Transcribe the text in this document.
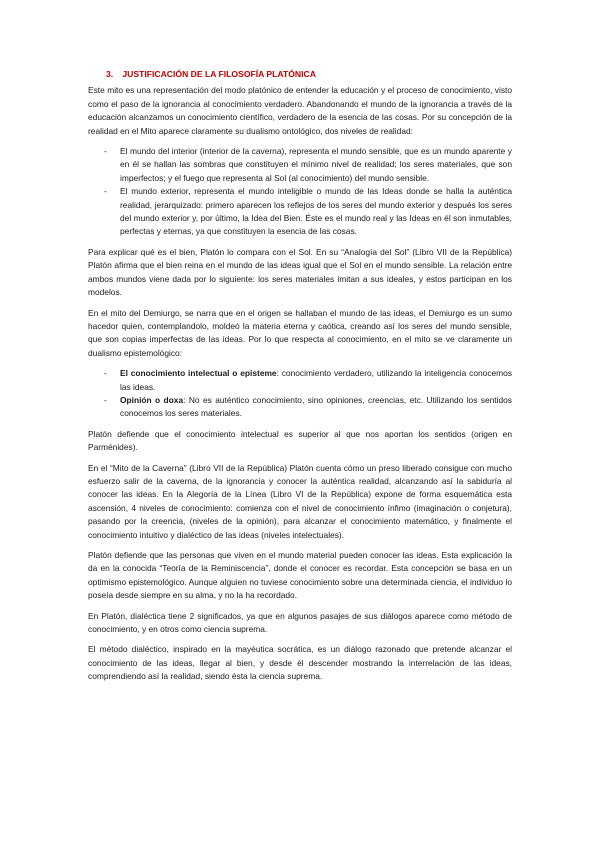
3. JUSTIFICACIÓN DE LA FILOSOFÍA PLATÓNICA

Este mito es una representación del modo platónico de entender la educación y el proceso de conocimiento, visto como el paso de la ignorancia al conocimiento verdadero. Abandonando el mundo de la ignorancia a través de la educación alcanzamos un conocimiento científico, verdadero de la esencia de las cosas. Por su concepción de la realidad en el Mito aparece claramente su dualismo ontológico, dos niveles de realidad:

- El mundo del interior (interior de la caverna), representa el mundo sensible, que es un mundo aparente y en él se hallan las sombras que constituyen el mínimo nivel de realidad; los seres materiales, que son imperfectos; y el fuego que representa al Sol (al conocimiento) del mundo sensible.
- El mundo exterior, representa el mundo inteligible o mundo de las Ideas donde se halla la auténtica realidad, jerarquizado: primero aparecen los reflejos de los seres del mundo exterior y después los seres del mundo exterior y, por último, la Idea del Bien. Éste es el mundo real y las Ideas en él son inmutables, perfectas y eternas, ya que constituyen la esencia de las cosas.

Para explicar qué es el bien, Platón lo compara con el Sol. En su “Analogía del Sol” (Libro VII de la República) Platón afirma que el bien reina en el mundo de las ideas igual que el Sol en el mundo sensible. La relación entre ambos mundos viene dada por lo siguiente: los seres materiales imitan a sus ideales, y estos participan en los modelos.

En el mito del Demiurgo, se narra que en el origen se hallaban el mundo de las ideas, el Demiurgo es un sumo hacedor quien, contemplandolo, moldeó la materia eterna y caótica, creando así los seres del mundo sensible, que son copias imperfectas de las ideas. Por lo que respecta al conocimiento, en el mito se ve claramente un dualismo epistemológico:

- El conocimiento intelectual o episteme: conocimiento verdadero, utilizando la inteligencia conocemos las ideas.
- Opinión o doxa: No es auténtico conocimiento, sino opiniones, creencias, etc. Utilizando los sentidos conocemos los seres materiales.

Platón defiende que el conocimiento intelectual es superior al que nos aportan los sentidos (origen en Parménides).

En el “Mito de la Caverna” (Libro VII de la República) Platón cuenta cómo un preso liberado consigue con mucho esfuerzo salir de la caverna, de la ignorancia y conocer la auténtica realidad, alcanzando así la sabiduría al conocer las ideas. En la Alegoría de la Línea (Libro VI de la República) expone de forma esquemática esta ascensión, 4 niveles de conocimiento: comienza con el nivel de conocimiento ínfimo (imaginación o conjetura), pasando por la creencia, (niveles de la opinión), para alcanzar el conocimiento matemático, y finalmente el conocimiento intuitivo y dialéctico de las ideas (niveles intelectuales).

Platón defiende que las personas que viven en el mundo material pueden conocer las ideas. Esta explicación la da en la conocida “Teoría de la Reminiscencia”, donde el conocer es recordar. Esta concepción se basa en un optimismo epistemológico. Aunque alguien no tuviese conocimiento sobre una determinada ciencia, el individuo lo poseía desde siempre en su alma, y no la ha recordado.

En Platón, dialéctica tiene 2 significados, ya que en algunos pasajes de sus diálogos aparece como método de conocimiento, y en otros como ciencia suprema.

El método dialéctico, inspirado en la mayéutica socrática, es un diálogo razonado que pretende alcanzar el conocimiento de las ideas, llegar al bien, y desde él descender mostrando la interrelación de las ideas, comprendiendo así la realidad, siendo ésta la ciencia suprema.
